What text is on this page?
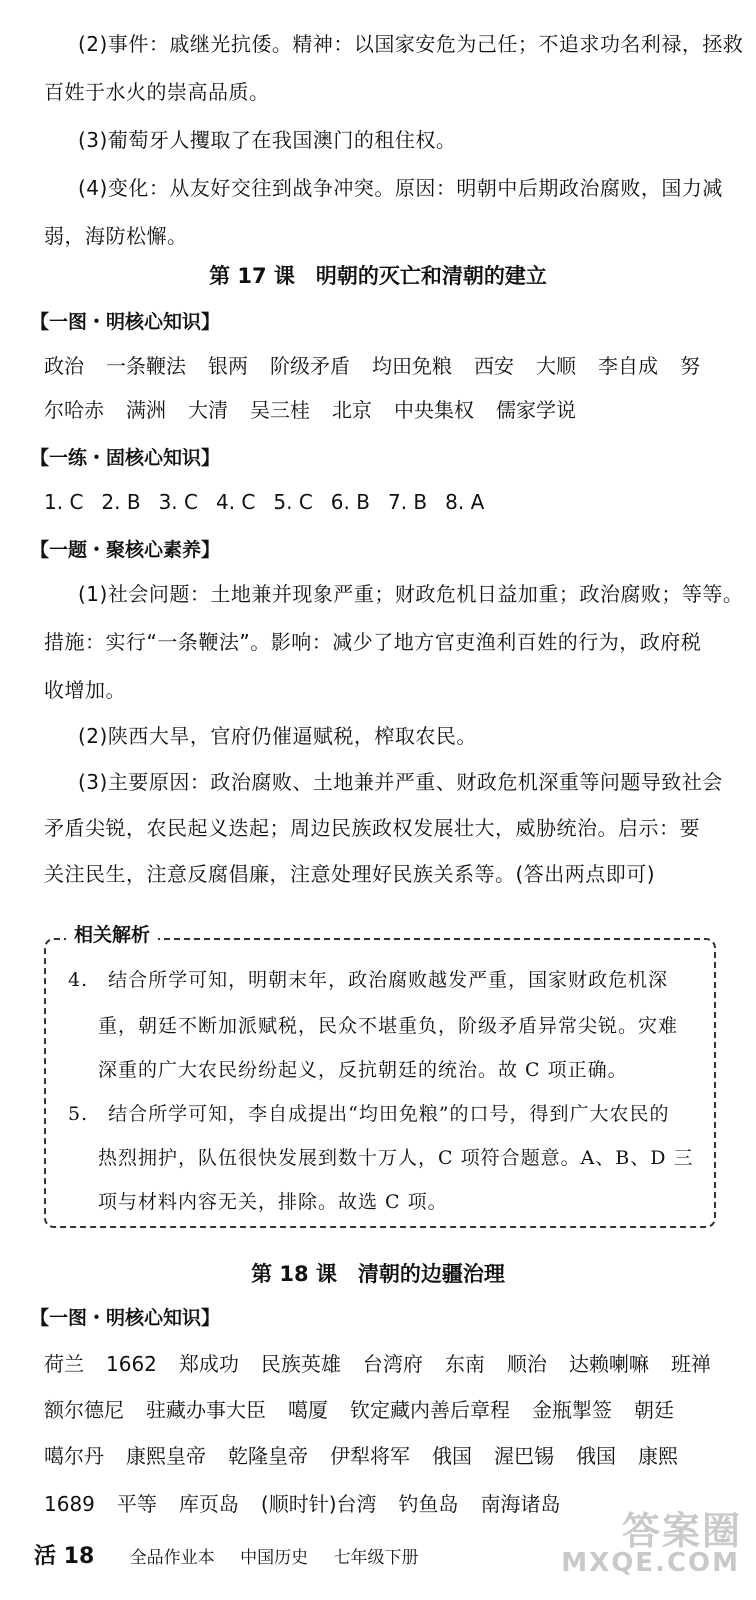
(2)事件：戚继光抗倭。精神：以国家安危为己任；不追求功名利禄，拯救
百姓于水火的崇高品质。
(3)葡萄牙人攫取了在我国澳门的租住权。
(4)变化：从友好交往到战争冲突。原因：明朝中后期政治腐败，国力减
弱，海防松懈。
第 17 课　明朝的灭亡和清朝的建立
【一图・明核心知识】
政治 一条鞭法 银两 阶级矛盾 均田免粮 西安 大顺 李自成 努
尔哈赤 满洲 大清 吴三桂 北京 中央集权 儒家学说
【一练・固核心知识】
1. C 2. B 3. C 4. C 5. C 6. B 7. B 8. A
【一题・聚核心素养】
(1)社会问题：土地兼并现象严重；财政危机日益加重；政治腐败；等等。
措施：实行“一条鞭法”。影响：减少了地方官吏渔利百姓的行为，政府税
收增加。
(2)陕西大旱，官府仍催逼赋税，榨取农民。
(3)主要原因：政治腐败、土地兼并严重、财政危机深重等问题导致社会
矛盾尖锐，农民起义迭起；周边民族政权发展壮大，威胁统治。启示：要
关注民生，注意反腐倡廉，注意处理好民族关系等。(答出两点即可)
相关解析
4.　结合所学可知，明朝末年，政治腐败越发严重，国家财政危机深
重，朝廷不断加派赋税，民众不堪重负，阶级矛盾异常尖锐。灾难
深重的广大农民纷纷起义，反抗朝廷的统治。故 C 项正确。
5.　结合所学可知，李自成提出“均田免粮”的口号，得到广大农民的
热烈拥护，队伍很快发展到数十万人，C 项符合题意。A、B、D 三
项与材料内容无关，排除。故选 C 项。
第 18 课　清朝的边疆治理
【一图・明核心知识】
荷兰 1662 郑成功 民族英雄 台湾府 东南 顺治 达赖喇嘛 班禅
额尔德尼 驻藏办事大臣 噶厦 钦定藏内善后章程 金瓶掣签 朝廷
噶尔丹 康熙皇帝 乾隆皇帝 伊犁将军 俄国 渥巴锡 俄国 康熙
1689 平等 库页岛 (顺时针)台湾 钓鱼岛 南海诸岛
答案圈
MXQE.COM
活 18 全品作业本 中国历史 七年级下册
